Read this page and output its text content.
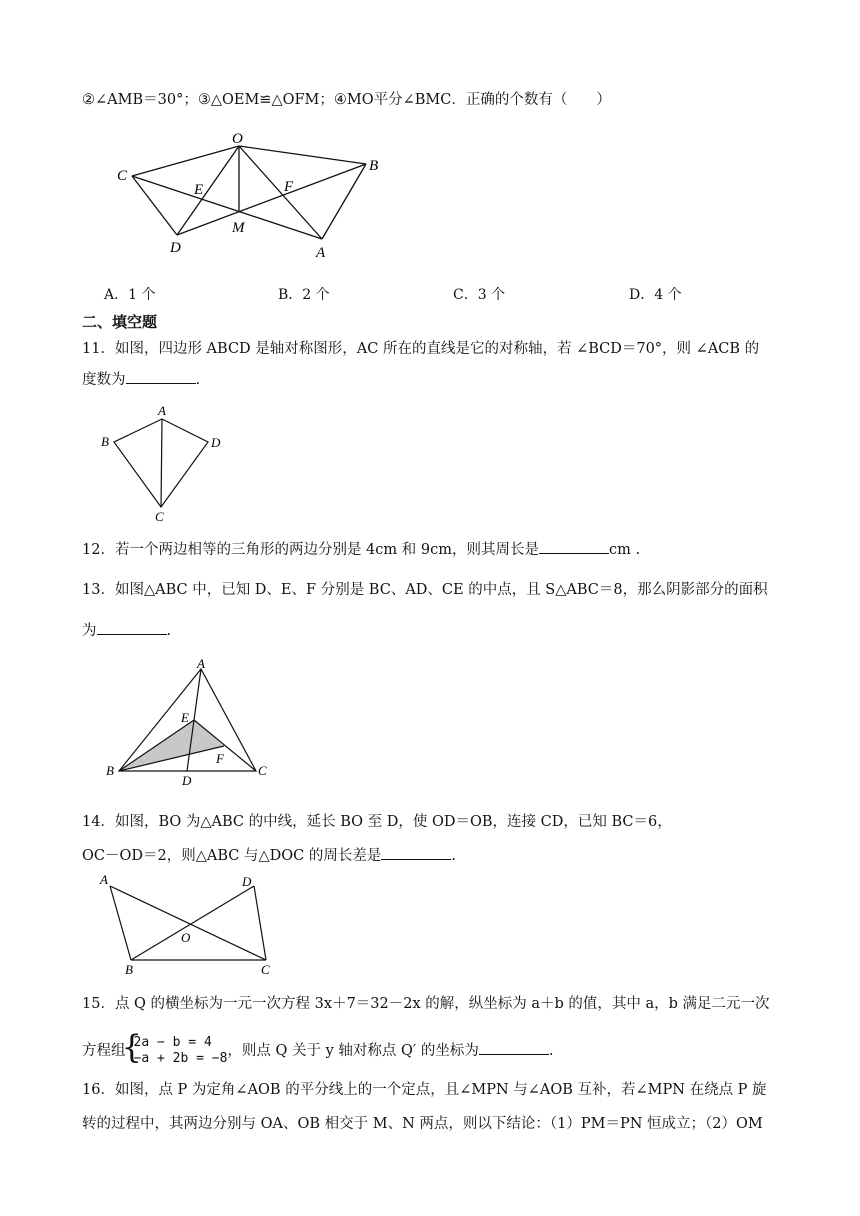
②∠AMB＝30°；③△OEM≌△OFM；④MO平分∠BMC．正确的个数有（　　）
O
C
B
E	F
M
D	A
A．1 个	B．2 个	C．3 个	D．4 个
二、填空题
11．如图，四边形 ABCD 是轴对称图形，AC 所在的直线是它的对称轴，若 ∠BCD＝70°，则 ∠ACB 的
度数为	.
A
B	D
C
12．若一个两边相等的三角形的两边分别是 4cm 和 9cm，则其周长是	cm .
13．如图△ABC 中，已知 D、E、F 分别是 BC、AD、CE 的中点，且 S△ABC＝8，那么阴影部分的面积
为	.
A
E
F
B
D
C
14．如图，BO 为△ABC 的中线，延长 BO 至 D，使 OD＝OB，连接 CD，已知 BC＝6，
OC－OD＝2，则△ABC 与△DOC 的周长差是	.
A	D
O
B	C
15．点 Q 的横坐标为一元一次方程 3x＋7＝32－2x 的解，纵坐标为 a＋b 的值，其中 a，b 满足二元一次
方程组
{ 2a − b = 4
−a + 2b = −8 ，则点 Q 关于 y 轴对称点 Q′ 的坐标为	.
16．如图，点 P 为定角∠AOB 的平分线上的一个定点，且∠MPN 与∠AOB 互补，若∠MPN 在绕点 P 旋
转的过程中，其两边分别与 OA、OB 相交于 M、N 两点，则以下结论：（1）PM＝PN 恒成立；（2）OM
